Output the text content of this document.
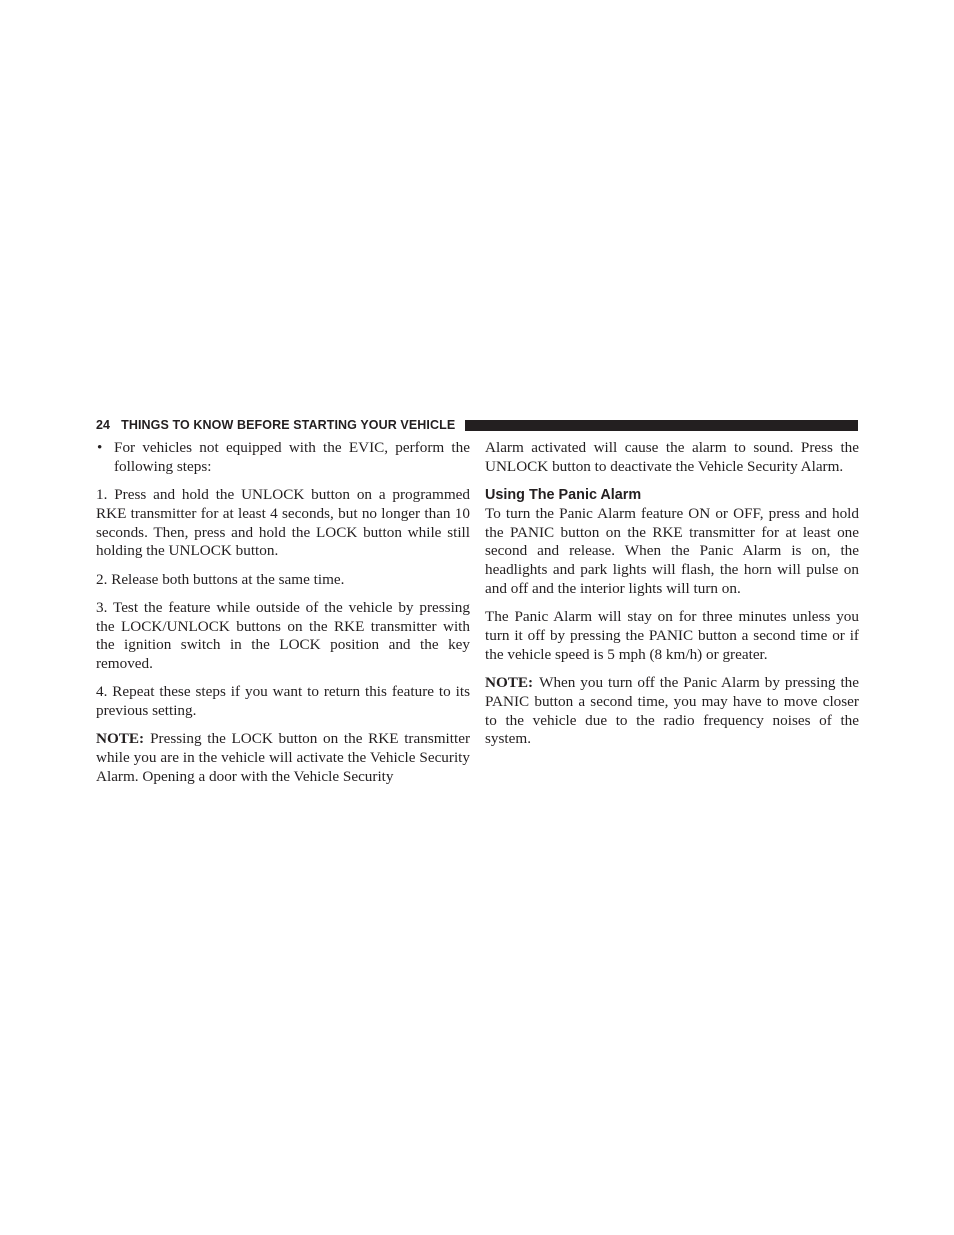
24 THINGS TO KNOW BEFORE STARTING YOUR VEHICLE

• For vehicles not equipped with the EVIC, perform the following steps:

1. Press and hold the UNLOCK button on a programmed RKE transmitter for at least 4 seconds, but no longer than 10 seconds. Then, press and hold the LOCK button while still holding the UNLOCK button.

2. Release both buttons at the same time.

3. Test the feature while outside of the vehicle by pressing the LOCK/UNLOCK buttons on the RKE transmitter with the ignition switch in the LOCK position and the key removed.

4. Repeat these steps if you want to return this feature to its previous setting.

NOTE: Pressing the LOCK button on the RKE transmitter while you are in the vehicle will activate the Vehicle Security Alarm. Opening a door with the Vehicle Security

Alarm activated will cause the alarm to sound. Press the UNLOCK button to deactivate the Vehicle Security Alarm.

Using The Panic Alarm

To turn the Panic Alarm feature ON or OFF, press and hold the PANIC button on the RKE transmitter for at least one second and release. When the Panic Alarm is on, the headlights and park lights will flash, the horn will pulse on and off and the interior lights will turn on.

The Panic Alarm will stay on for three minutes unless you turn it off by pressing the PANIC button a second time or if the vehicle speed is 5 mph (8 km/h) or greater.

NOTE: When you turn off the Panic Alarm by pressing the PANIC button a second time, you may have to move closer to the vehicle due to the radio frequency noises of the system.
